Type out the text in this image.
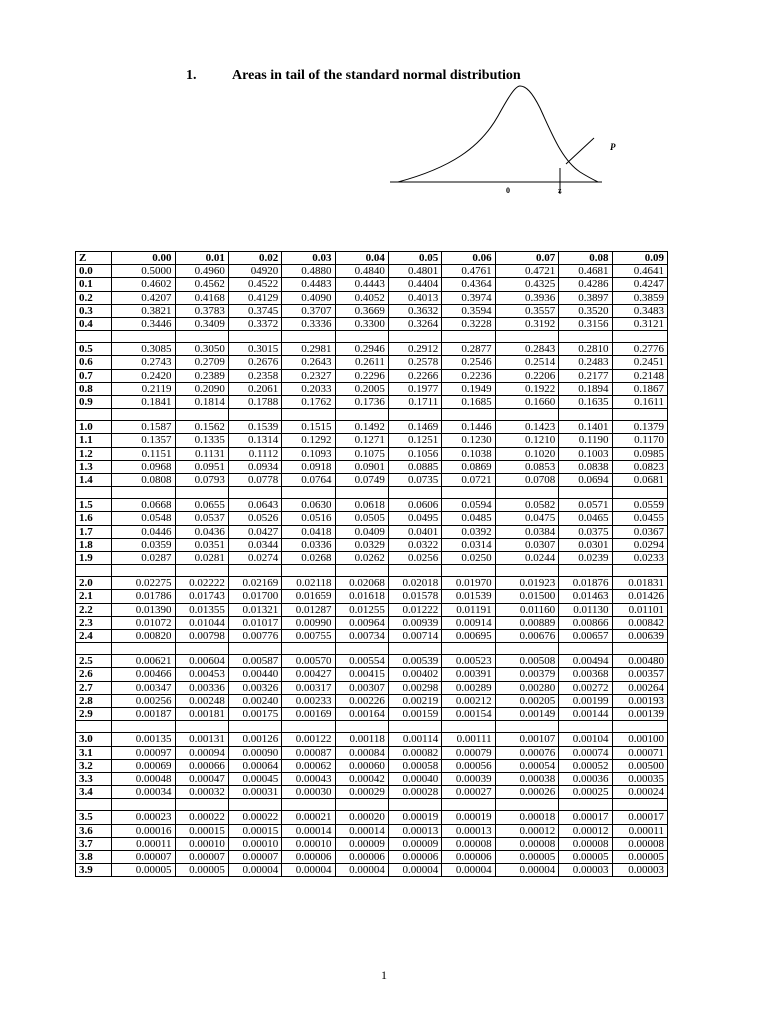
1.	Areas in tail of the standard normal distribution
P
0	z
Z	0.00	0.01	0.02	0.03	0.04	0.05	0.06	0.07	0.08	0.09
0.0	0.5000	0.4960	04920	0.4880	0.4840	0.4801	0.4761	0.4721	0.4681	0.4641
0.1	0.4602	0.4562	0.4522	0.4483	0.4443	0.4404	0.4364	0.4325	0.4286	0.4247
0.2	0.4207	0.4168	0.4129	0.4090	0.4052	0.4013	0.3974	0.3936	0.3897	0.3859
0.3	0.3821	0.3783	0.3745	0.3707	0.3669	0.3632	0.3594	0.3557	0.3520	0.3483
0.4	0.3446	0.3409	0.3372	0.3336	0.3300	0.3264	0.3228	0.3192	0.3156	0.3121

0.5	0.3085	0.3050	0.3015	0.2981	0.2946	0.2912	0.2877	0.2843	0.2810	0.2776
0.6	0.2743	0.2709	0.2676	0.2643	0.2611	0.2578	0.2546	0.2514	0.2483	0.2451
0.7	0.2420	0.2389	0.2358	0.2327	0.2296	0.2266	0.2236	0.2206	0.2177	0.2148
0.8	0.2119	0.2090	0.2061	0.2033	0.2005	0.1977	0.1949	0.1922	0.1894	0.1867
0.9	0.1841	0.1814	0.1788	0.1762	0.1736	0.1711	0.1685	0.1660	0.1635	0.1611

1.0	0.1587	0.1562	0.1539	0.1515	0.1492	0.1469	0.1446	0.1423	0.1401	0.1379
1.1	0.1357	0.1335	0.1314	0.1292	0.1271	0.1251	0.1230	0.1210	0.1190	0.1170
1.2	0.1151	0.1131	0.1112	0.1093	0.1075	0.1056	0.1038	0.1020	0.1003	0.0985
1.3	0.0968	0.0951	0.0934	0.0918	0.0901	0.0885	0.0869	0.0853	0.0838	0.0823
1.4	0.0808	0.0793	0.0778	0.0764	0.0749	0.0735	0.0721	0.0708	0.0694	0.0681

1.5	0.0668	0.0655	0.0643	0.0630	0.0618	0.0606	0.0594	0.0582	0.0571	0.0559
1.6	0.0548	0.0537	0.0526	0.0516	0.0505	0.0495	0.0485	0.0475	0.0465	0.0455
1.7	0.0446	0.0436	0.0427	0.0418	0.0409	0.0401	0.0392	0.0384	0.0375	0.0367
1.8	0.0359	0.0351	0.0344	0.0336	0.0329	0.0322	0.0314	0.0307	0.0301	0.0294
1.9	0.0287	0.0281	0.0274	0.0268	0.0262	0.0256	0.0250	0.0244	0.0239	0.0233

2.0	0.02275	0.02222	0.02169	0.02118	0.02068	0.02018	0.01970	0.01923	0.01876	0.01831
2.1	0.01786	0.01743	0.01700	0.01659	0.01618	0.01578	0.01539	0.01500	0.01463	0.01426
2.2	0.01390	0.01355	0.01321	0.01287	0.01255	0.01222	0.01191	0.01160	0.01130	0.01101
2.3	0.01072	0.01044	0.01017	0.00990	0.00964	0.00939	0.00914	0.00889	0.00866	0.00842
2.4	0.00820	0.00798	0.00776	0.00755	0.00734	0.00714	0.00695	0.00676	0.00657	0.00639

2.5	0.00621	0.00604	0.00587	0.00570	0.00554	0.00539	0.00523	0.00508	0.00494	0.00480
2.6	0.00466	0.00453	0.00440	0.00427	0.00415	0.00402	0.00391	0.00379	0.00368	0.00357
2.7	0.00347	0.00336	0.00326	0.00317	0.00307	0.00298	0.00289	0.00280	0.00272	0.00264
2.8	0.00256	0.00248	0.00240	0.00233	0.00226	0.00219	0.00212	0.00205	0.00199	0.00193
2.9	0.00187	0.00181	0.00175	0.00169	0.00164	0.00159	0.00154	0.00149	0.00144	0.00139

3.0	0.00135	0.00131	0.00126	0.00122	0.00118	0.00114	0.00111	0.00107	0.00104	0.00100
3.1	0.00097	0.00094	0.00090	0.00087	0.00084	0.00082	0.00079	0.00076	0.00074	0.00071
3.2	0.00069	0.00066	0.00064	0.00062	0.00060	0.00058	0.00056	0.00054	0.00052	0.00500
3.3	0.00048	0.00047	0.00045	0.00043	0.00042	0.00040	0.00039	0.00038	0.00036	0.00035
3.4	0.00034	0.00032	0.00031	0.00030	0.00029	0.00028	0.00027	0.00026	0.00025	0.00024

3.5	0.00023	0.00022	0.00022	0.00021	0.00020	0.00019	0.00019	0.00018	0.00017	0.00017
3.6	0.00016	0.00015	0.00015	0.00014	0.00014	0.00013	0.00013	0.00012	0.00012	0.00011
3.7	0.00011	0.00010	0.00010	0.00010	0.00009	0.00009	0.00008	0.00008	0.00008	0.00008
3.8	0.00007	0.00007	0.00007	0.00006	0.00006	0.00006	0.00006	0.00005	0.00005	0.00005
3.9	0.00005	0.00005	0.00004	0.00004	0.00004	0.00004	0.00004	0.00004	0.00003	0.00003
1
